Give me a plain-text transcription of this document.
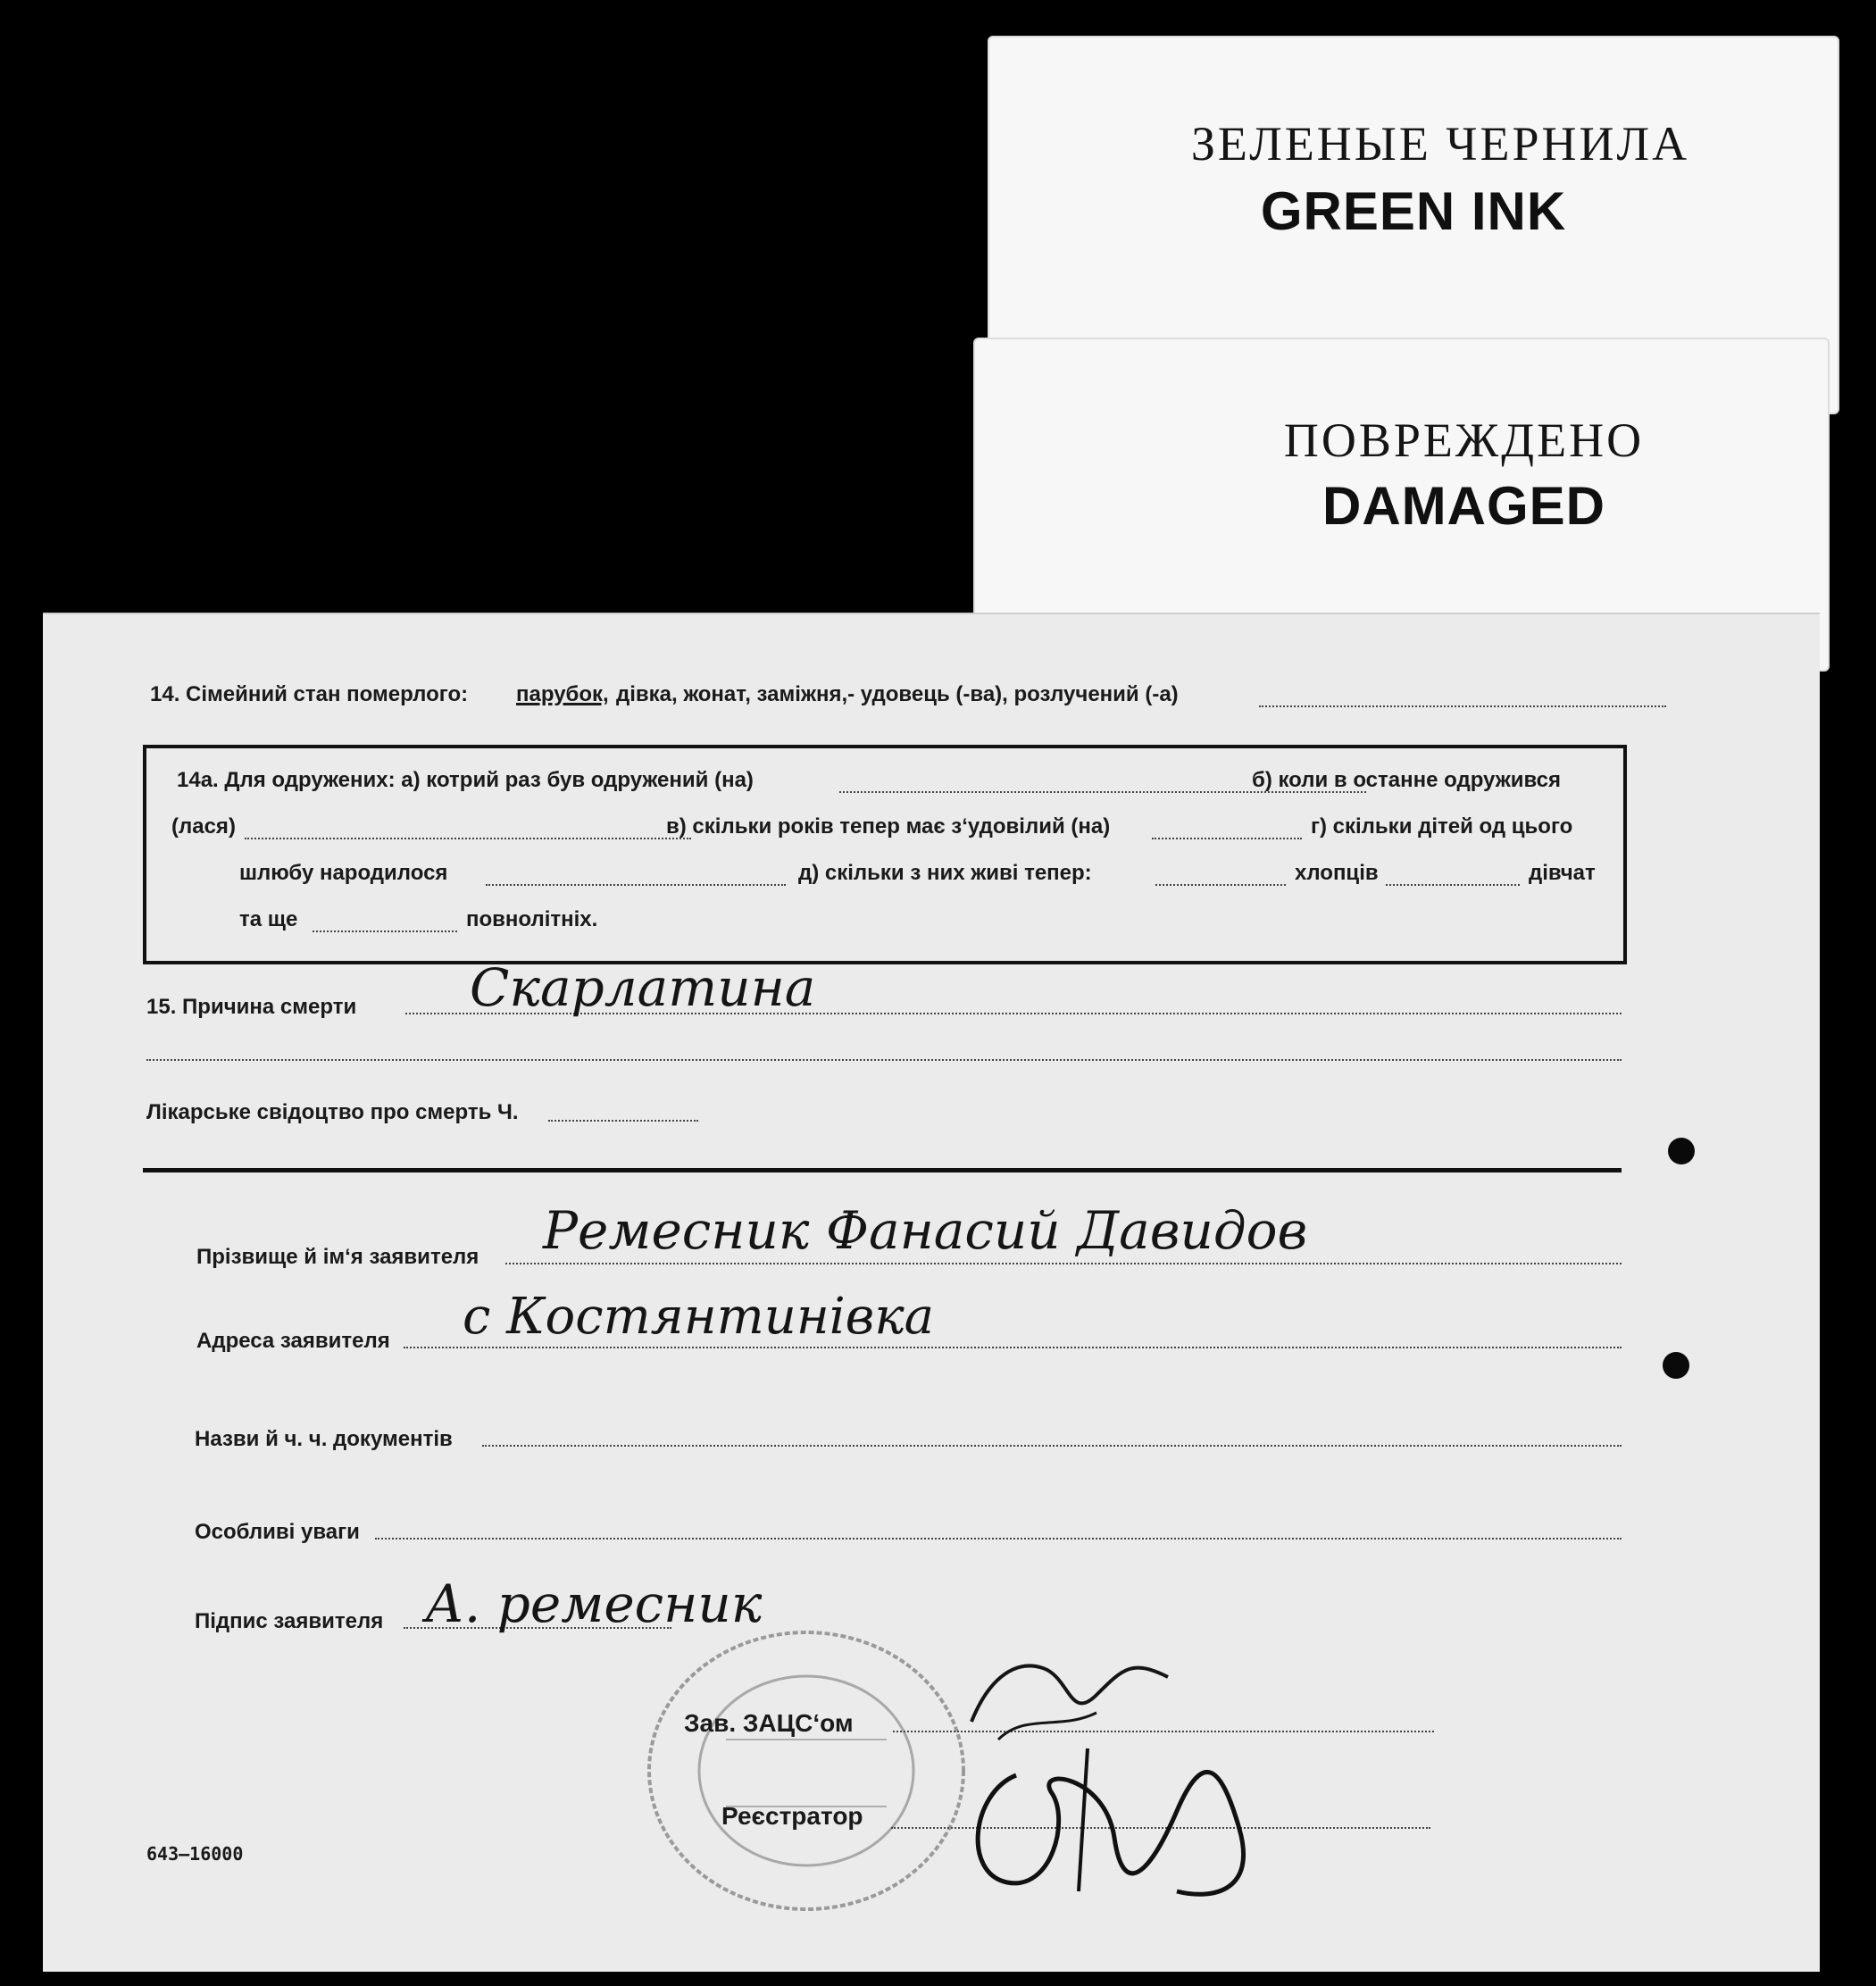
ЗЕЛЕНЫЕ ЧЕРНИЛА
GREEN INK
ПОВРЕЖДЕНО
DAMAGED
14. Сімейний стан померлого: парубок, дівка, жонат, заміжня,- удовець (-ва), розлучений (-а)
14а. Для одружених: а) котрий раз був одружений (на)	б) коли в останне одружився
(лася)	в) скільки років тепер має з‘удовілий (на)	г) скільки дітей од цього
шлюбу народилося	д) скільки з них живі тепер:	хлопців	дівчат
та ще	повнолітніх.
15. Причина смерти Скарлатина
Лікарське свідоцтво про смерть Ч.
Прізвище й ім‘я заявителя Ремесник Фанасий Давидов
Адреса заявителя с Костянтинівка
Назви й ч. ч. документів
Особливі уваги
Підпис заявителя А. ремесник
Зав. ЗАЦС‘ом
Реєстратор
643—16000
